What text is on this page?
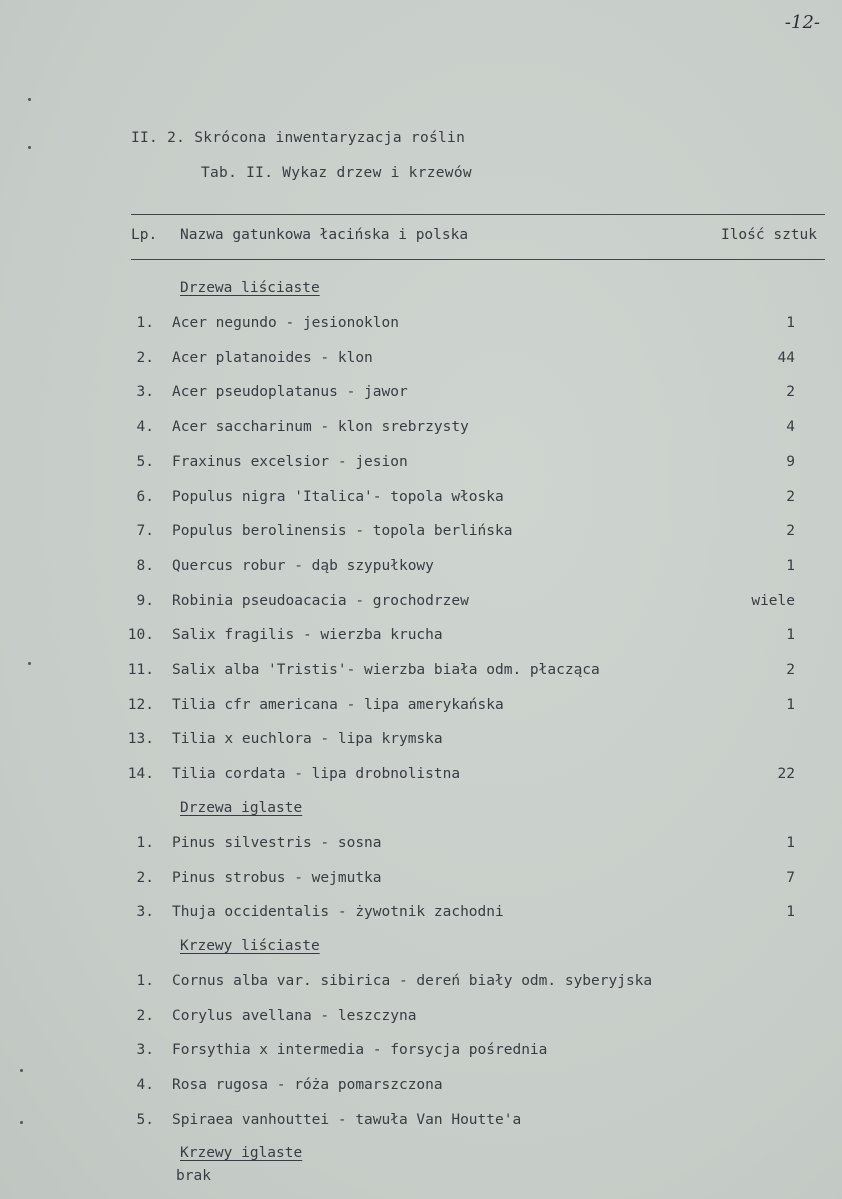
-12-
II. 2. Skrócona inwentaryzacja roślin
Tab. II. Wykaz drzew i krzewów
Lp. Nazwa gatunkowa łacińska i polska	Ilość sztuk
Drzewa liściaste
1. Acer negundo - jesionoklon	1
2. Acer platanoides - klon	44
3. Acer pseudoplatanus - jawor	2
4. Acer saccharinum - klon srebrzysty	4
5. Fraxinus excelsior - jesion	9
6. Populus nigra 'Italica'- topola włoska	2
7. Populus berolinensis - topola berlińska	2
8. Quercus robur - dąb szypułkowy	1
9. Robinia pseudoacacia - grochodrzew	wiele
10. Salix fragilis - wierzba krucha	1
11. Salix alba 'Tristis'- wierzba biała odm. płacząca	2
12. Tilia cfr americana - lipa amerykańska	1
13. Tilia x euchlora - lipa krymska
14. Tilia cordata - lipa drobnolistna	22
Drzewa iglaste
1. Pinus silvestris - sosna	1
2. Pinus strobus - wejmutka	7
3. Thuja occidentalis - żywotnik zachodni	1
Krzewy liściaste
1. Cornus alba var. sibirica - dereń biały odm. syberyjska
2. Corylus avellana - leszczyna
3. Forsythia x intermedia - forsycja pośrednia
4. Rosa rugosa - róża pomarszczona
5. Spiraea vanhouttei - tawuła Van Houtte'a
Krzewy iglaste
brak
